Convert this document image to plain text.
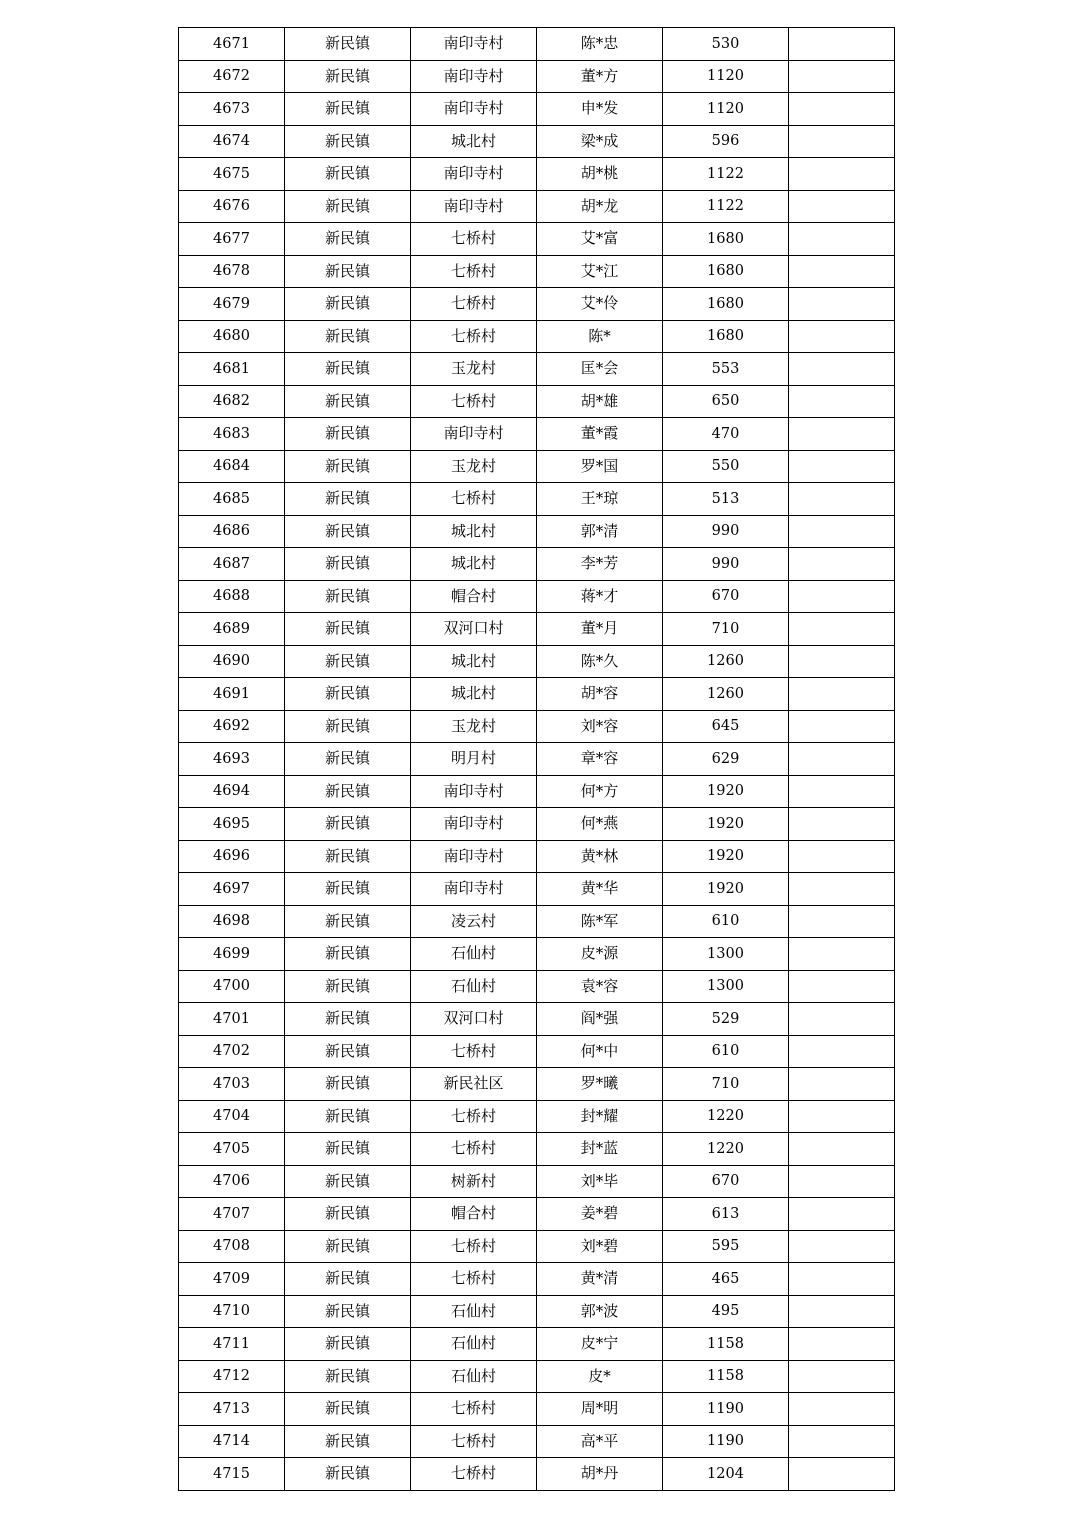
4671	新民镇	南印寺村	陈*忠	530	
4672	新民镇	南印寺村	董*方	1120	
4673	新民镇	南印寺村	申*发	1120	
4674	新民镇	城北村	梁*成	596	
4675	新民镇	南印寺村	胡*桃	1122	
4676	新民镇	南印寺村	胡*龙	1122	
4677	新民镇	七桥村	艾*富	1680	
4678	新民镇	七桥村	艾*江	1680	
4679	新民镇	七桥村	艾*伶	1680	
4680	新民镇	七桥村	陈*	1680	
4681	新民镇	玉龙村	匡*会	553	
4682	新民镇	七桥村	胡*雄	650	
4683	新民镇	南印寺村	董*霞	470	
4684	新民镇	玉龙村	罗*国	550	
4685	新民镇	七桥村	王*琼	513	
4686	新民镇	城北村	郭*清	990	
4687	新民镇	城北村	李*芳	990	
4688	新民镇	帽合村	蒋*才	670	
4689	新民镇	双河口村	董*月	710	
4690	新民镇	城北村	陈*久	1260	
4691	新民镇	城北村	胡*容	1260	
4692	新民镇	玉龙村	刘*容	645	
4693	新民镇	明月村	章*容	629	
4694	新民镇	南印寺村	何*方	1920	
4695	新民镇	南印寺村	何*燕	1920	
4696	新民镇	南印寺村	黄*林	1920	
4697	新民镇	南印寺村	黄*华	1920	
4698	新民镇	凌云村	陈*军	610	
4699	新民镇	石仙村	皮*源	1300	
4700	新民镇	石仙村	袁*容	1300	
4701	新民镇	双河口村	阎*强	529	
4702	新民镇	七桥村	何*中	610	
4703	新民镇	新民社区	罗*曦	710	
4704	新民镇	七桥村	封*耀	1220	
4705	新民镇	七桥村	封*蓝	1220	
4706	新民镇	树新村	刘*毕	670	
4707	新民镇	帽合村	姜*碧	613	
4708	新民镇	七桥村	刘*碧	595	
4709	新民镇	七桥村	黄*清	465	
4710	新民镇	石仙村	郭*波	495	
4711	新民镇	石仙村	皮*宁	1158	
4712	新民镇	石仙村	皮*	1158	
4713	新民镇	七桥村	周*明	1190	
4714	新民镇	七桥村	高*平	1190	
4715	新民镇	七桥村	胡*丹	1204	
